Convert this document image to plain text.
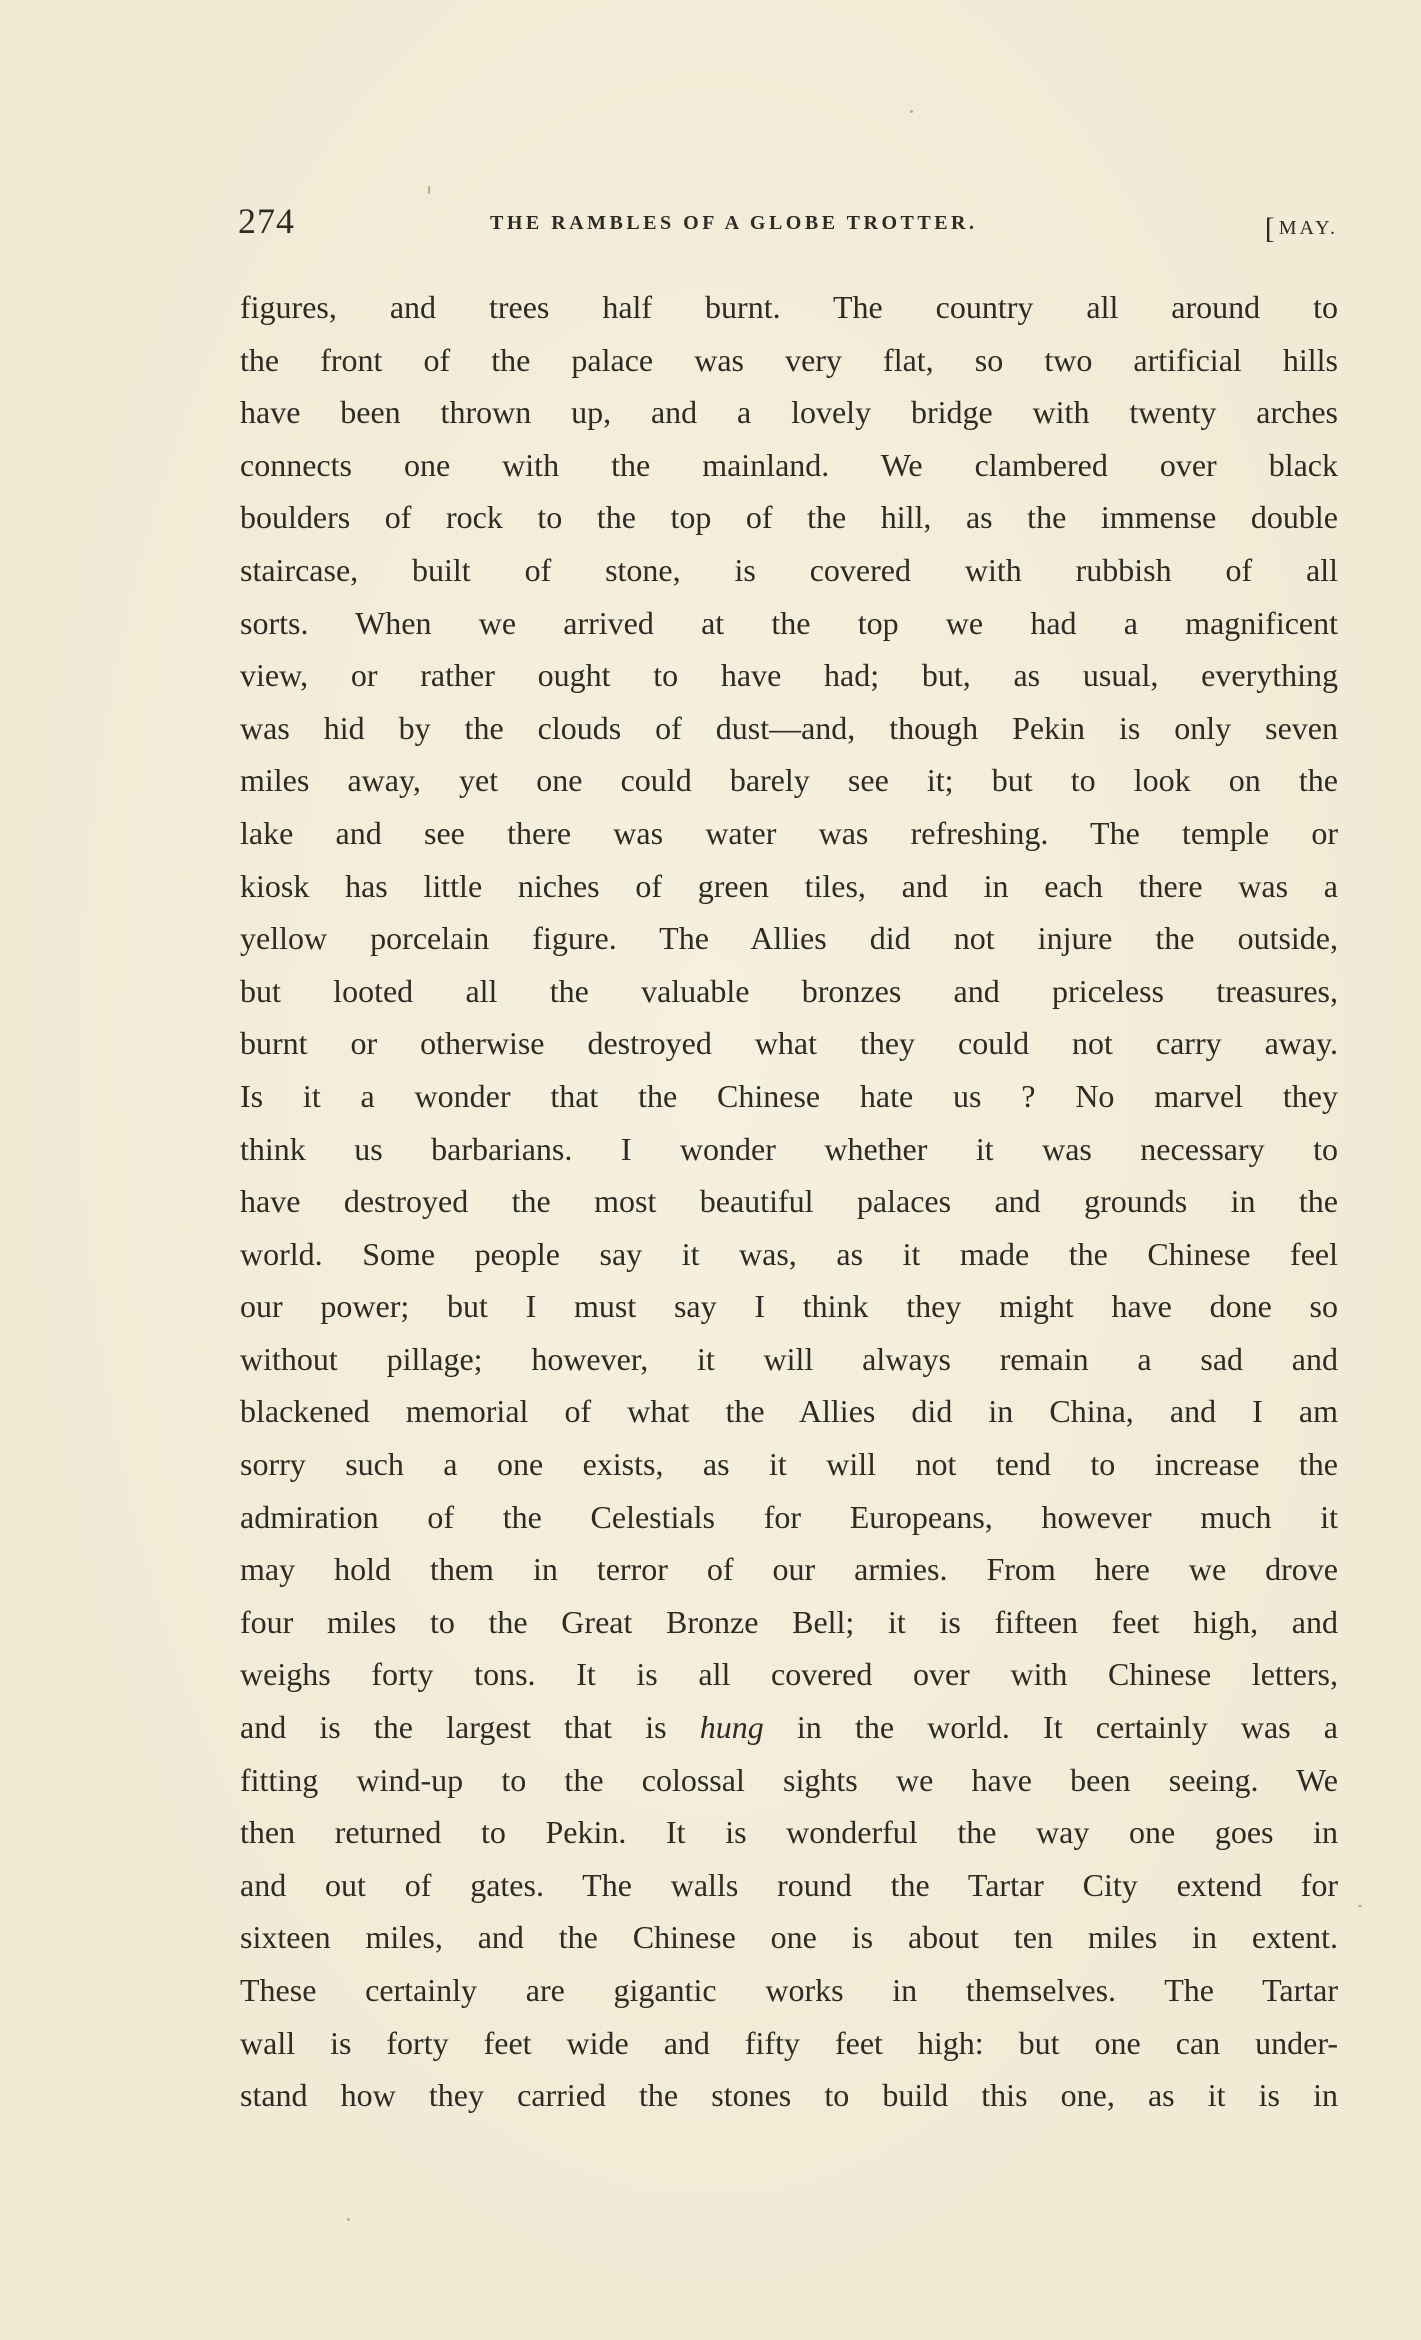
274	THE RAMBLES OF A GLOBE TROTTER.	[MAY.
figures, and trees half burnt. The country all around to
the front of the palace was very flat, so two artificial hills
have been thrown up, and a lovely bridge with twenty arches
connects one with the mainland. We clambered over black
boulders of rock to the top of the hill, as the immense double
staircase, built of stone, is covered with rubbish of all
sorts. When we arrived at the top we had a magnificent
view, or rather ought to have had; but, as usual, everything
was hid by the clouds of dust—and, though Pekin is only seven
miles away, yet one could barely see it; but to look on the
lake and see there was water was refreshing. The temple or
kiosk has little niches of green tiles, and in each there was a
yellow porcelain figure. The Allies did not injure the outside,
but looted all the valuable bronzes and priceless treasures,
burnt or otherwise destroyed what they could not carry away.
Is it a wonder that the Chinese hate us ? No marvel they
think us barbarians. I wonder whether it was necessary to
have destroyed the most beautiful palaces and grounds in the
world. Some people say it was, as it made the Chinese feel
our power; but I must say I think they might have done so
without pillage; however, it will always remain a sad and
blackened memorial of what the Allies did in China, and I am
sorry such a one exists, as it will not tend to increase the
admiration of the Celestials for Europeans, however much it
may hold them in terror of our armies. From here we drove
four miles to the Great Bronze Bell; it is fifteen feet high, and
weighs forty tons. It is all covered over with Chinese letters,
and is the largest that is hung in the world. It certainly was a
fitting wind-up to the colossal sights we have been seeing. We
then returned to Pekin. It is wonderful the way one goes in
and out of gates. The walls round the Tartar City extend for
sixteen miles, and the Chinese one is about ten miles in extent.
These certainly are gigantic works in themselves. The Tartar
wall is forty feet wide and fifty feet high: but one can under-
stand how they carried the stones to build this one, as it is in
